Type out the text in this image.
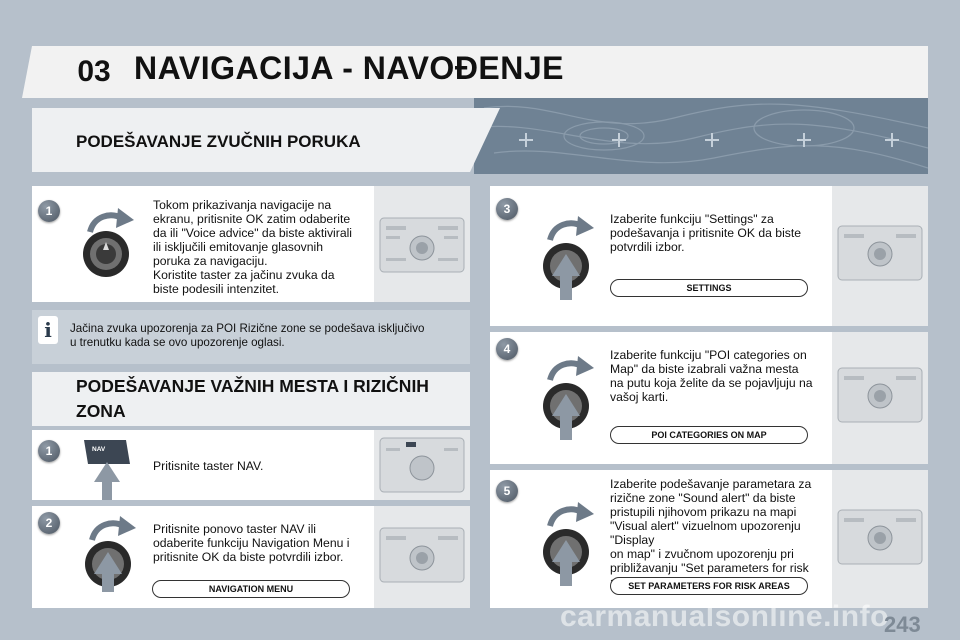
03 NAVIGACIJA - NAVOĐENJE
PODEŠAVANJE ZVUČNIH PORUKA
1	Tokom prikazivanja navigacije na
ekranu, pritisnite OK zatim odaberite
da ili "Voice advice" da biste aktivirali
ili isključili emitovanje glasovnih
poruka za navigaciju.
Koristite taster za jačinu zvuka da
biste podesili intenzitet.
i	Jačina zvuka upozorenja za POI Rizične zone se podešava isključivo
u trenutku kada se ovo upozorenje oglasi.
PODEŠAVANJE VAŽNIH MESTA I RIZIČNIH
ZONA
1	NAV
Pritisnite taster NAV.
2	Pritisnite ponovo taster NAV ili
odaberite funkciju Navigation Menu i
pritisnite OK da biste potvrdili izbor.
NAVIGATION MENU
3
Izaberite funkciju "Settings" za
podešavanja i pritisnite OK da biste
potvrdili izbor.
SETTINGS
4	Izaberite funkciju "POI categories on
Map" da biste izabrali važna mesta
na putu koja želite da se pojavljuju na
vašoj karti.
POI CATEGORIES ON MAP
5	Izaberite podešavanje parametara za
rizične zone "Sound alert" da biste
pristupili njihovom prikazu na mapi
"Visual alert" vizuelnom upozorenju "Display
on map" i zvučnom upozorenju pri
približavanju "Set parameters for risk
SET PARAMETERS FOR RISK AREAS
carmanualsonline.info
243
